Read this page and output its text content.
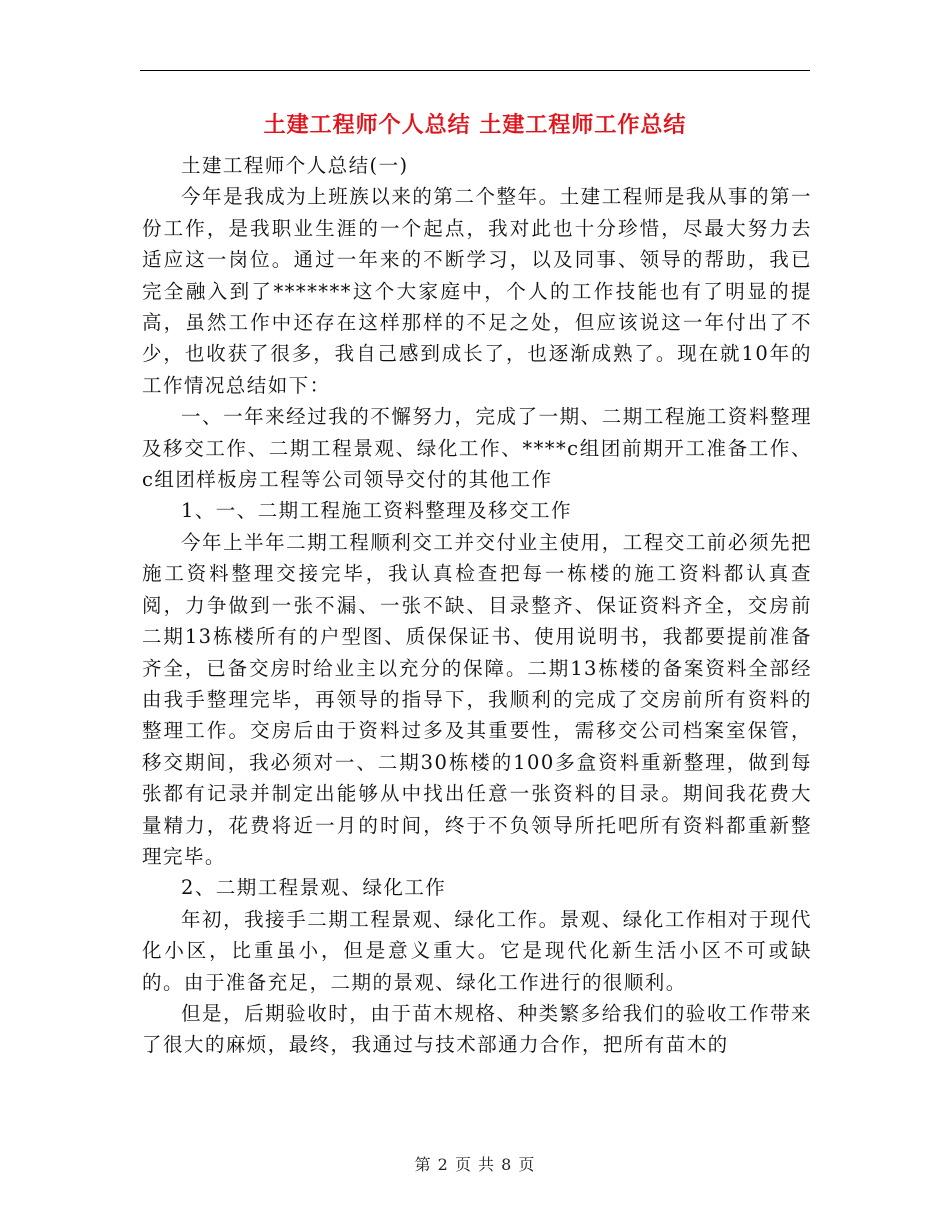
土建工程师个人总结 土建工程师工作总结

土建工程师个人总结(一)

今年是我成为上班族以来的第二个整年。土建工程师是我从事的第一份工作，是我职业生涯的一个起点，我对此也十分珍惜，尽最大努力去适应这一岗位。通过一年来的不断学习，以及同事、领导的帮助，我已完全融入到了*******这个大家庭中，个人的工作技能也有了明显的提高，虽然工作中还存在这样那样的不足之处，但应该说这一年付出了不少，也收获了很多，我自己感到成长了，也逐渐成熟了。现在就10年的工作情况总结如下：

一、一年来经过我的不懈努力，完成了一期、二期工程施工资料整理及移交工作、二期工程景观、绿化工作、****c组团前期开工准备工作、c组团样板房工程等公司领导交付的其他工作

1、一、二期工程施工资料整理及移交工作

今年上半年二期工程顺利交工并交付业主使用，工程交工前必须先把施工资料整理交接完毕，我认真检查把每一栋楼的施工资料都认真查阅，力争做到一张不漏、一张不缺、目录整齐、保证资料齐全，交房前二期13栋楼所有的户型图、质保保证书、使用说明书，我都要提前准备齐全，已备交房时给业主以充分的保障。二期13栋楼的备案资料全部经由我手整理完毕，再领导的指导下，我顺利的完成了交房前所有资料的整理工作。交房后由于资料过多及其重要性，需移交公司档案室保管，移交期间，我必须对一、二期30栋楼的100多盒资料重新整理，做到每张都有记录并制定出能够从中找出任意一张资料的目录。期间我花费大量精力，花费将近一月的时间，终于不负领导所托吧所有资料都重新整理完毕。

2、二期工程景观、绿化工作

年初，我接手二期工程景观、绿化工作。景观、绿化工作相对于现代化小区，比重虽小，但是意义重大。它是现代化新生活小区不可或缺的。由于准备充足，二期的景观、绿化工作进行的很顺利。

但是，后期验收时，由于苗木规格、种类繁多给我们的验收工作带来了很大的麻烦，最终，我通过与技术部通力合作，把所有苗木的

第 2 页 共 8 页
